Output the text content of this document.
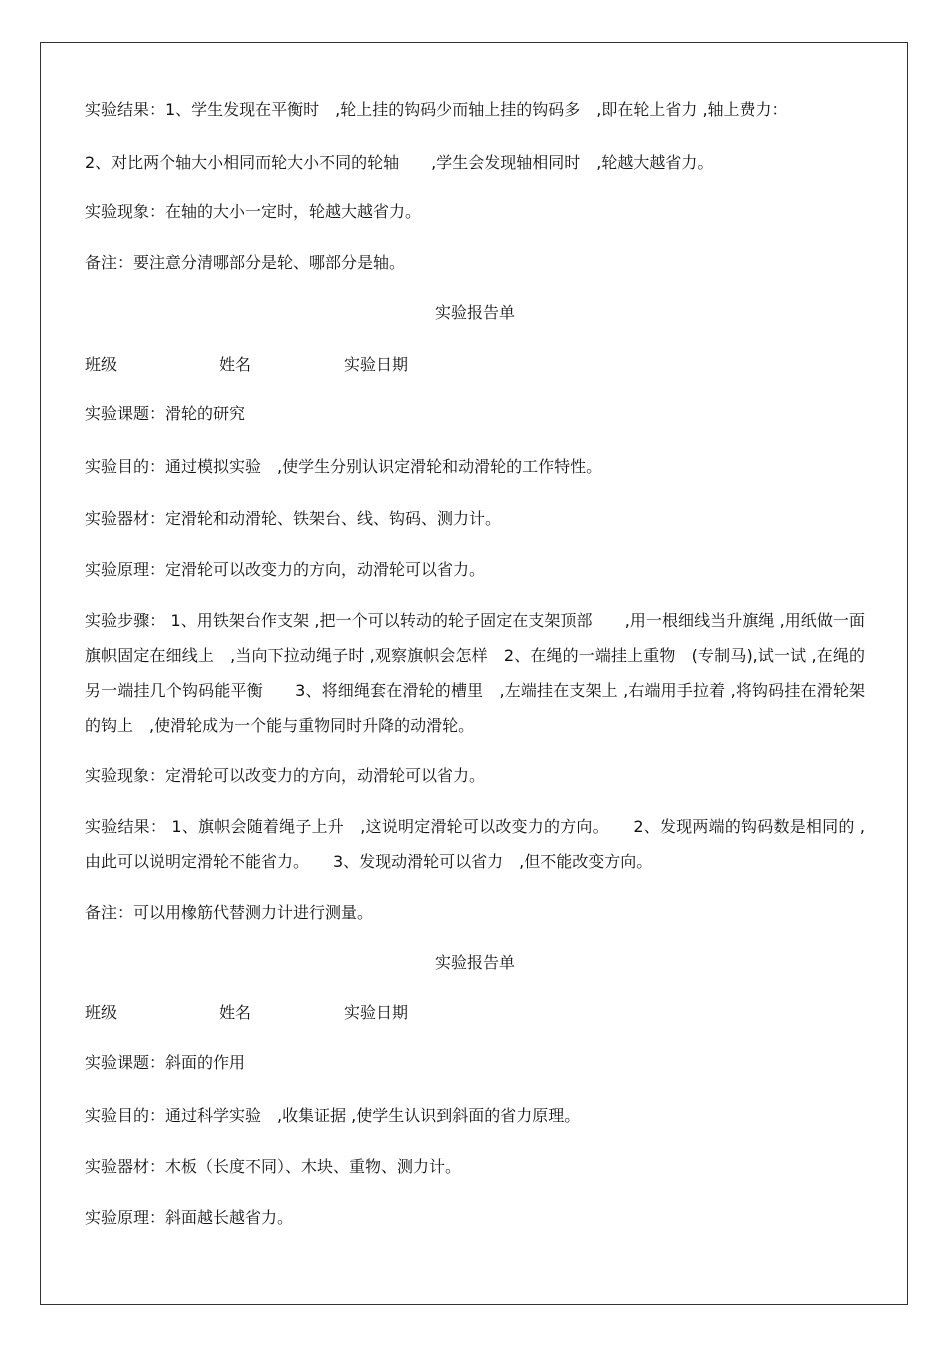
实验结果：1、学生发现在平衡时　,轮上挂的钩码少而轴上挂的钩码多　,即在轮上省力 ,轴上费力：
2、对比两个轴大小相同而轮大小不同的轮轴　　,学生会发现轴相同时　,轮越大越省力。
实验现象：在轴的大小一定时，轮越大越省力。
备注：要注意分清哪部分是轮、哪部分是轴。
实验报告单
班级	姓名	实验日期
实验课题：滑轮的研究
实验目的：通过模拟实验　,使学生分别认识定滑轮和动滑轮的工作特性。
实验器材：定滑轮和动滑轮、铁架台、线、钩码、测力计。
实验原理：定滑轮可以改变力的方向，动滑轮可以省力。
实验步骤： 1、用铁架台作支架 ,把一个可以转动的轮子固定在支架顶部　　,用一根细线当升旗绳 ,用纸做一面旗帜固定在细线上　,当向下拉动绳子时 ,观察旗帜会怎样　2、在绳的一端挂上重物　(专制马),试一试 ,在绳的另一端挂几个钩码能平衡　　3、将细绳套在滑轮的槽里　,左端挂在支架上 ,右端用手拉着 ,将钩码挂在滑轮架的钩上　,使滑轮成为一个能与重物同时升降的动滑轮。
实验现象：定滑轮可以改变力的方向，动滑轮可以省力。
实验结果： 1、旗帜会随着绳子上升　,这说明定滑轮可以改变力的方向。　　2、发现两端的钩码数是相同的 ,由此可以说明定滑轮不能省力。　　3、发现动滑轮可以省力　,但不能改变方向。
备注：可以用橡筋代替测力计进行测量。
实验报告单
班级	姓名	实验日期
实验课题：斜面的作用
实验目的：通过科学实验　,收集证据 ,使学生认识到斜面的省力原理。
实验器材：木板（长度不同）、木块、重物、测力计。
实验原理：斜面越长越省力。
